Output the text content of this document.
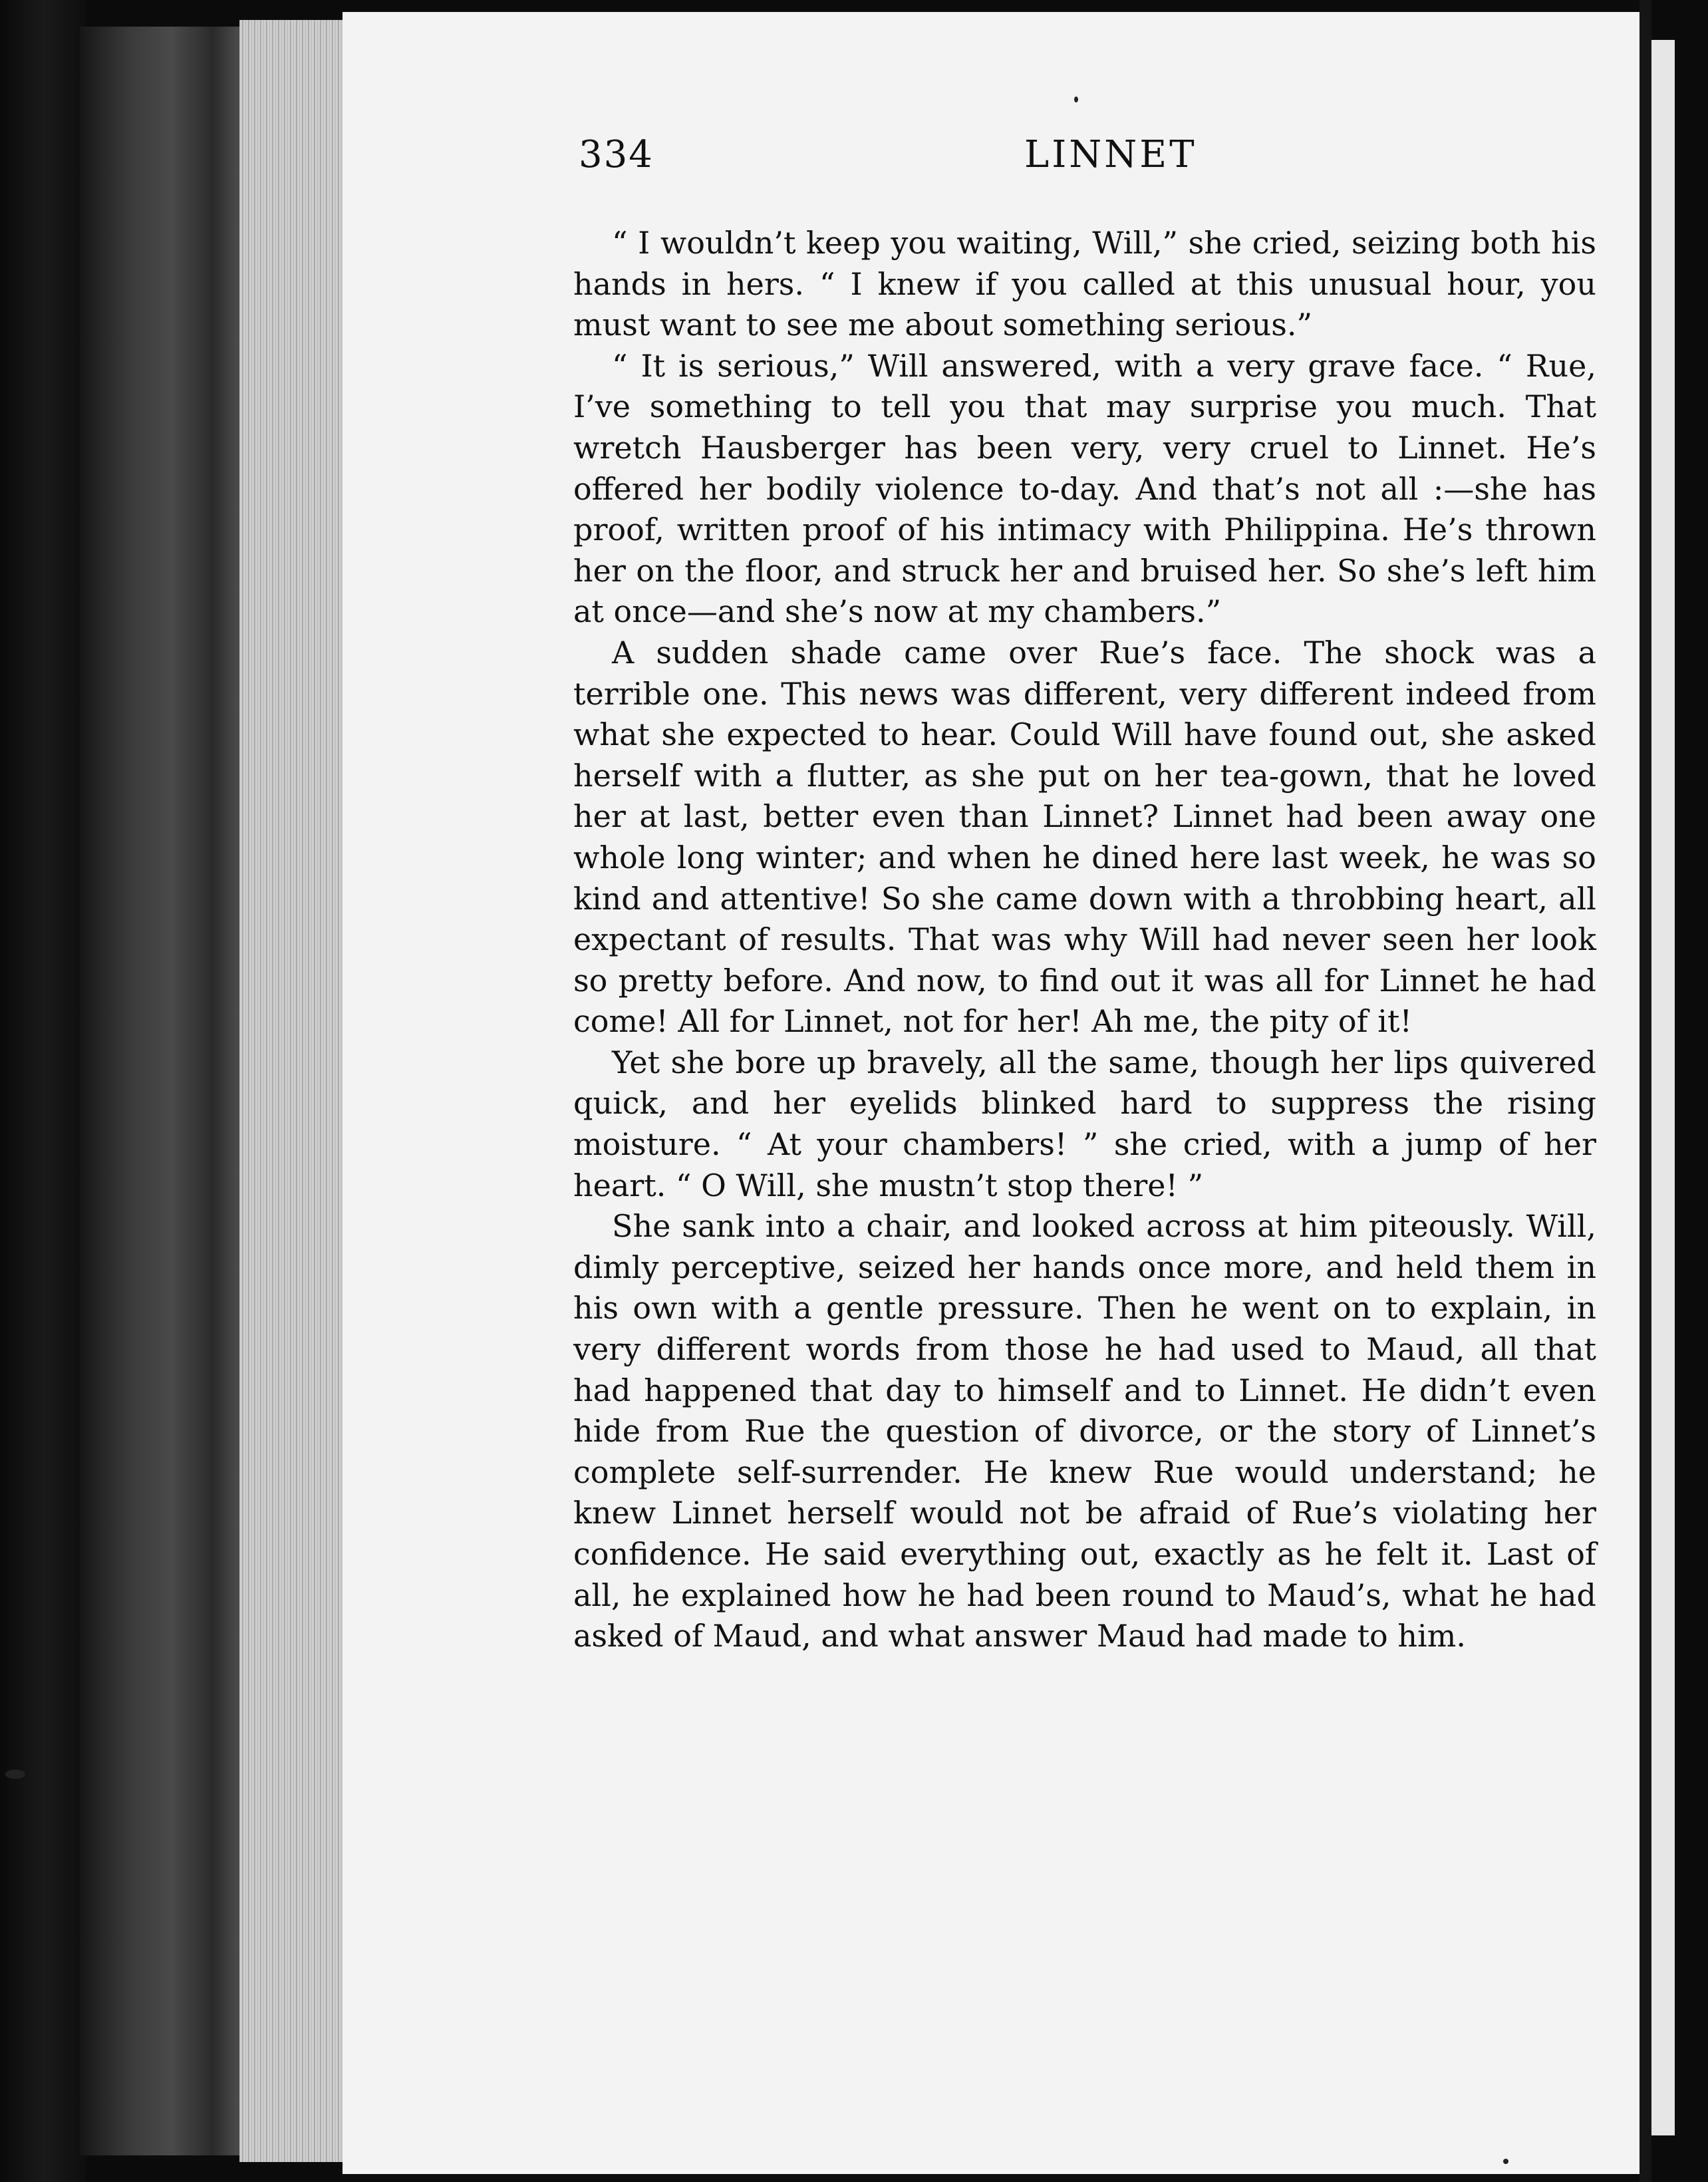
334	LINNET

“ I wouldn’t keep you waiting, Will,” she cried, seizing both his hands in hers. “ I knew if you called at this unusual hour, you must want to see me about something serious.”

“ It is serious,” Will answered, with a very grave face. “ Rue, I’ve something to tell you that may surprise you much. That wretch Hausberger has been very, very cruel to Linnet. He’s offered her bodily violence to-day. And that’s not all :—she has proof, written proof of his intimacy with Philippina. He’s thrown her on the floor, and struck her and bruised her. So she’s left him at once—and she’s now at my chambers.”

A sudden shade came over Rue’s face. The shock was a terrible one. This news was different, very different indeed from what she expected to hear. Could Will have found out, she asked herself with a flutter, as she put on her tea-gown, that he loved her at last, better even than Linnet? Linnet had been away one whole long winter; and when he dined here last week, he was so kind and attentive! So she came down with a throbbing heart, all expectant of results. That was why Will had never seen her look so pretty before. And now, to find out it was all for Linnet he had come! All for Linnet, not for her! Ah me, the pity of it!

Yet she bore up bravely, all the same, though her lips quivered quick, and her eyelids blinked hard to suppress the rising moisture. “ At your chambers! ” she cried, with a jump of her heart. “ O Will, she mustn’t stop there! ”

She sank into a chair, and looked across at him piteously. Will, dimly perceptive, seized her hands once more, and held them in his own with a gentle pressure. Then he went on to explain, in very different words from those he had used to Maud, all that had happened that day to himself and to Linnet. He didn’t even hide from Rue the question of divorce, or the story of Linnet’s complete self-surrender. He knew Rue would understand; he knew Linnet herself would not be afraid of Rue’s violating her confidence. He said everything out, exactly as he felt it. Last of all, he explained how he had been round to Maud’s, what he had asked of Maud, and what answer Maud had made to him.
